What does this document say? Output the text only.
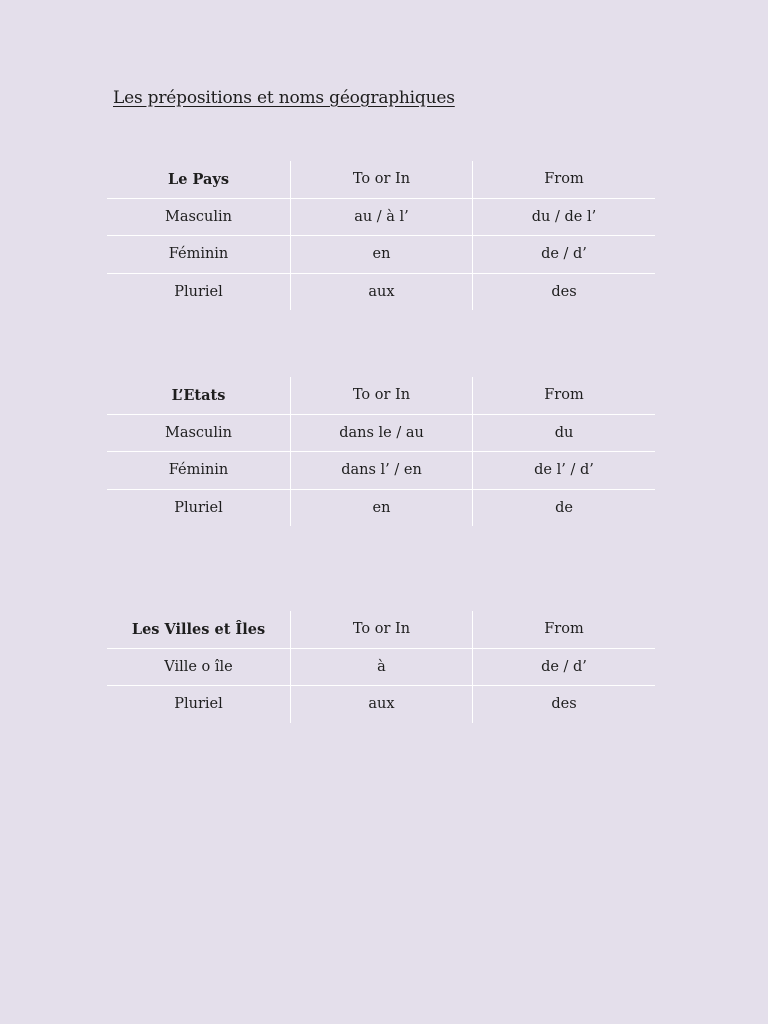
Les prépositions et noms géographiques
Le Pays	To or In	From
Masculin	au / à l’	du / de l’
Féminin	en	de / d’
Pluriel	aux	des
L’Etats	To or In	From
Masculin	dans le / au	du
Féminin	dans l’ / en	de l’ / d’
Pluriel	en	de
Les Villes et Îles	To or In	From
Ville o île	à	de / d’
Pluriel	aux	des
